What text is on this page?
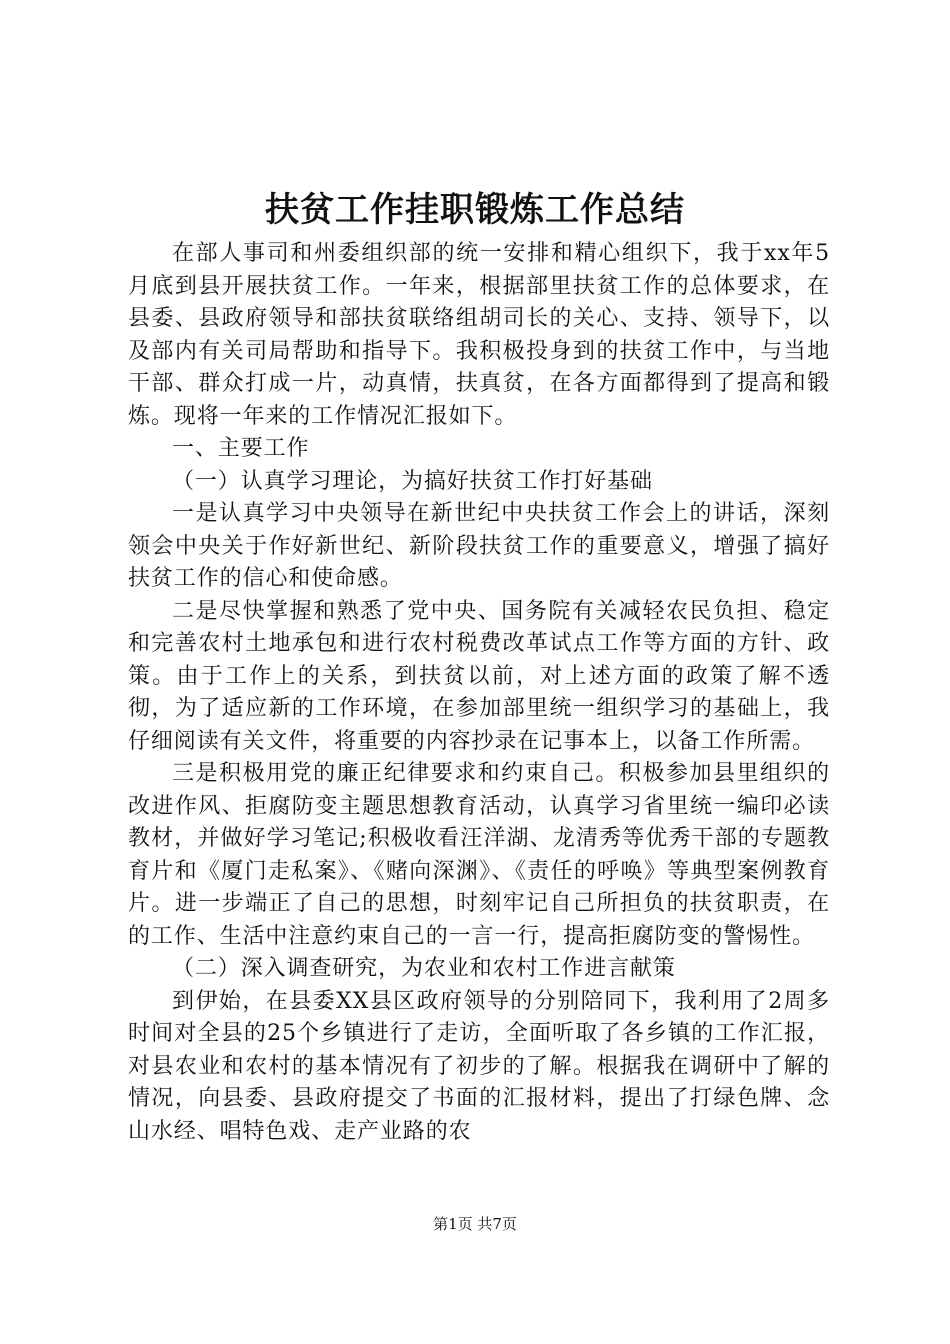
扶贫工作挂职锻炼工作总结

在部人事司和州委组织部的统一安排和精心组织下，我于xx年5月底到县开展扶贫工作。一年来，根据部里扶贫工作的总体要求，在县委、县政府领导和部扶贫联络组胡司长的关心、支持、领导下，以及部内有关司局帮助和指导下。我积极投身到的扶贫工作中，与当地干部、群众打成一片，动真情，扶真贫，在各方面都得到了提高和锻炼。现将一年来的工作情况汇报如下。

一、主要工作

（一）认真学习理论，为搞好扶贫工作打好基础

一是认真学习中央领导在新世纪中央扶贫工作会上的讲话，深刻领会中央关于作好新世纪、新阶段扶贫工作的重要意义，增强了搞好扶贫工作的信心和使命感。

二是尽快掌握和熟悉了党中央、国务院有关减轻农民负担、稳定和完善农村土地承包和进行农村税费改革试点工作等方面的方针、政策。由于工作上的关系，到扶贫以前，对上述方面的政策了解不透彻，为了适应新的工作环境，在参加部里统一组织学习的基础上，我仔细阅读有关文件，将重要的内容抄录在记事本上，以备工作所需。

三是积极用党的廉正纪律要求和约束自己。积极参加县里组织的改进作风、拒腐防变主题思想教育活动，认真学习省里统一编印必读教材，并做好学习笔记;积极收看汪洋湖、龙清秀等优秀干部的专题教育片和《厦门走私案》、《赌向深渊》、《责任的呼唤》等典型案例教育片。进一步端正了自己的思想，时刻牢记自己所担负的扶贫职责，在的工作、生活中注意约束自己的一言一行，提高拒腐防变的警惕性。

（二）深入调查研究，为农业和农村工作进言献策

到伊始，在县委XX县区政府领导的分别陪同下，我利用了2周多时间对全县的25个乡镇进行了走访，全面听取了各乡镇的工作汇报，对县农业和农村的基本情况有了初步的了解。根据我在调研中了解的情况，向县委、县政府提交了书面的汇报材料，提出了打绿色牌、念山水经、唱特色戏、走产业路的农

第1页 共7页
